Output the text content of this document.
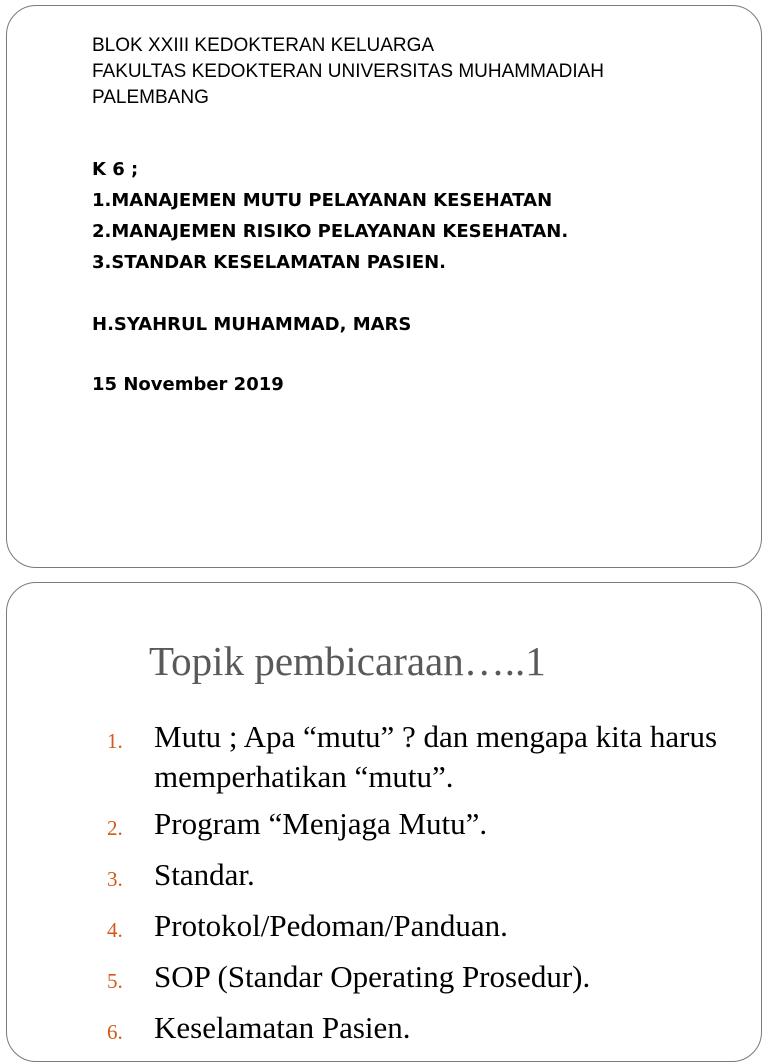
BLOK XXIII KEDOKTERAN KELUARGA
FAKULTAS KEDOKTERAN UNIVERSITAS MUHAMMADIAH
PALEMBANG
K 6 ;
1.MANAJEMEN MUTU PELAYANAN KESEHATAN
2.MANAJEMEN RISIKO PELAYANAN KESEHATAN.
3.STANDAR KESELAMATAN PASIEN.
H.SYAHRUL MUHAMMAD, MARS
15 November 2019
Topik pembicaraan…..1
1.	Mutu ; Apa “mutu” ? dan mengapa kita harus memperhatikan “mutu”.
2.	Program “Menjaga Mutu”.
3.	Standar.
4.	Protokol/Pedoman/Panduan.
5.	SOP (Standar Operating Prosedur).
6.	Keselamatan Pasien.
